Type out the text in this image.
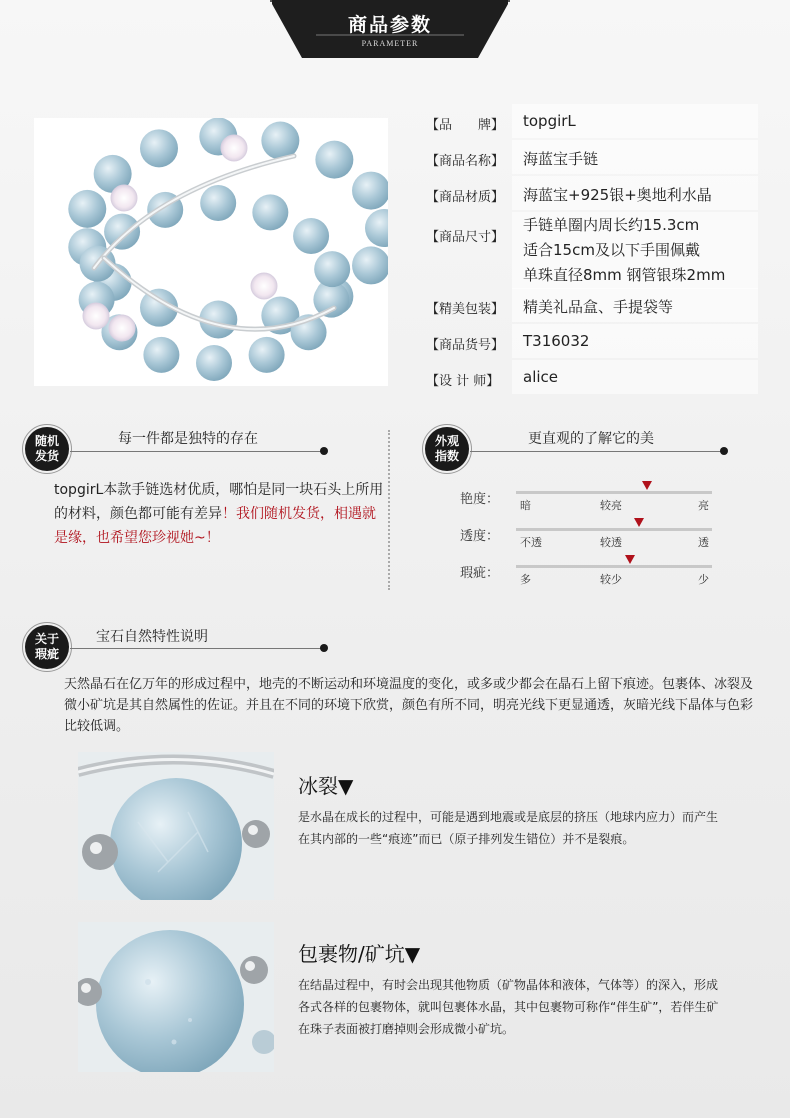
商品参数
PARAMETER
【品　　牌】 topgirL
【商品名称】 海蓝宝手链
【商品材质】 海蓝宝+925银+奥地利水晶
【商品尺寸】
手链单圈内周长约15.3cm
适合15cm及以下手围佩戴
单珠直径8mm 钢管银珠2mm
【精美包装】 精美礼品盒、手提袋等
【商品货号】 T316032
【设 计 师】 alice
随机
发货
每一件都是独特的存在
topgirL本款手链选材优质，哪怕是同一块石头上所用的材料，颜色都可能有差异！我们随机发货，相遇就是缘，也希望您珍视她~！
外观
指数
更直观的了解它的美
艳度： 暗	较亮	亮
透度： 不透	较透	透
瑕疵： 多	较少	少
关于
瑕疵
宝石自然特性说明
天然晶石在亿万年的形成过程中，地壳的不断运动和环境温度的变化，或多或少都会在晶石上留下痕迹。包裹体、冰裂及微小矿坑是其自然属性的佐证。并且在不同的环境下欣赏，颜色有所不同，明亮光线下更显通透，灰暗光线下晶体与色彩比较低调。
冰裂▼
是水晶在成长的过程中，可能是遇到地震或是底层的挤压（地球内应力）而产生在其内部的一些“痕迹”而已（原子排列发生错位）并不是裂痕。
包裹物/矿坑▼
在结晶过程中，有时会出现其他物质（矿物晶体和液体，气体等）的深入，形成各式各样的包裹物体，就叫包裹体水晶，其中包裹物可称作“伴生矿”，若伴生矿在珠子表面被打磨掉则会形成微小矿坑。
